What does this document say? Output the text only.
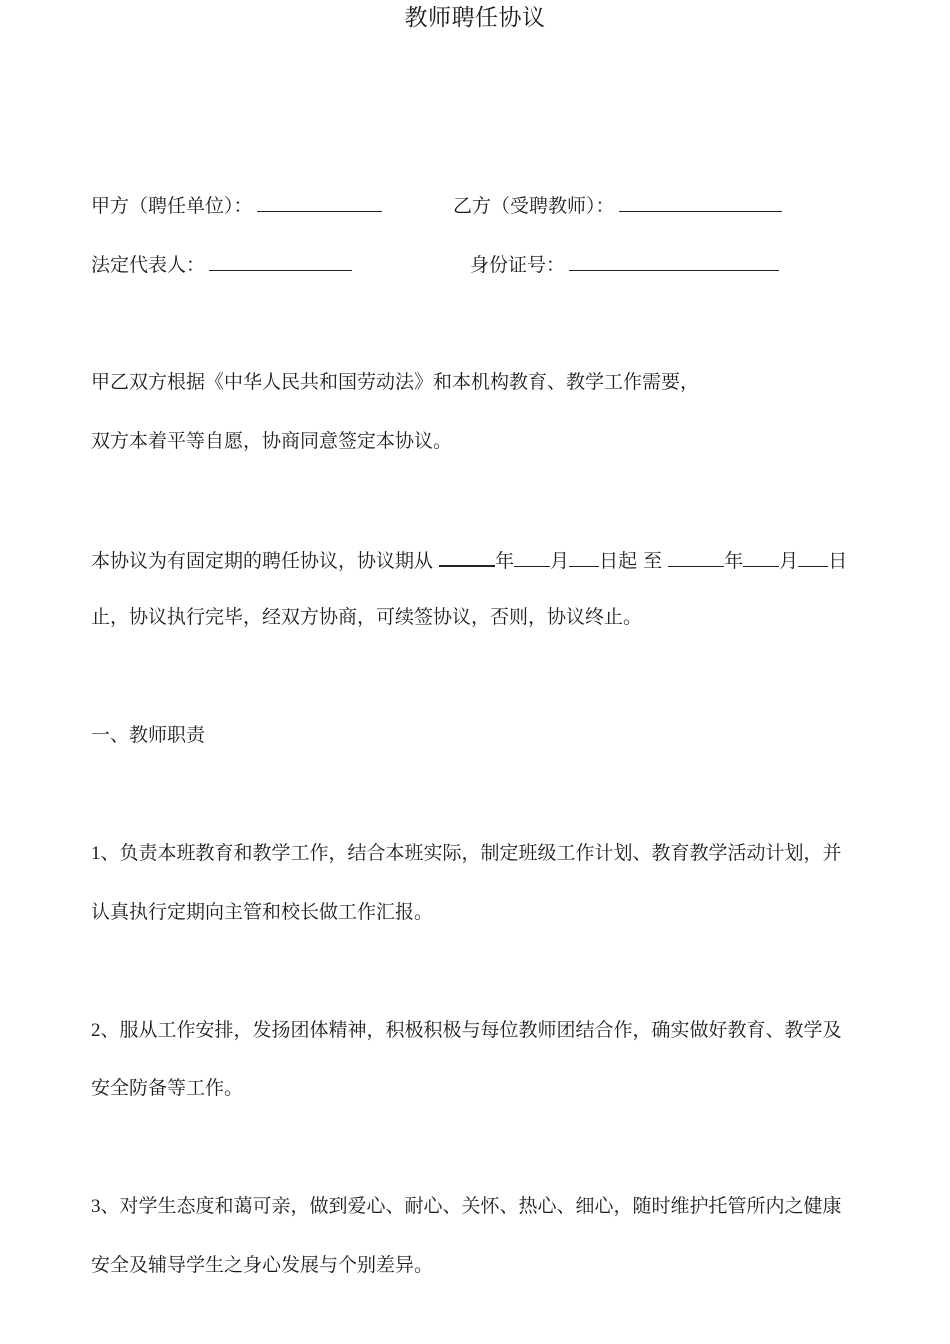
教师聘任协议
甲方（聘任单位）：	乙方（受聘教师）：
法定代表人：	身份证号：
甲乙双方根据《中华人民共和国劳动法》和本机构教育、教学工作需要，
双方本着平等自愿，协商同意签定本协议。
本协议为有固定期的聘任协议，协议期从	年 月 日起 至	年 月 日
止，协议执行完毕，经双方协商，可续签协议，否则，协议终止。
一、教师职责
1、负责本班教育和教学工作，结合本班实际，制定班级工作计划、教育教学活动计划，并
认真执行定期向主管和校长做工作汇报。
2、服从工作安排，发扬团体精神，积极积极与每位教师团结合作，确实做好教育、教学及
安全防备等工作。
3、对学生态度和蔼可亲，做到爱心、耐心、关怀、热心、细心，随时维护托管所内之健康
安全及辅导学生之身心发展与个别差异。
